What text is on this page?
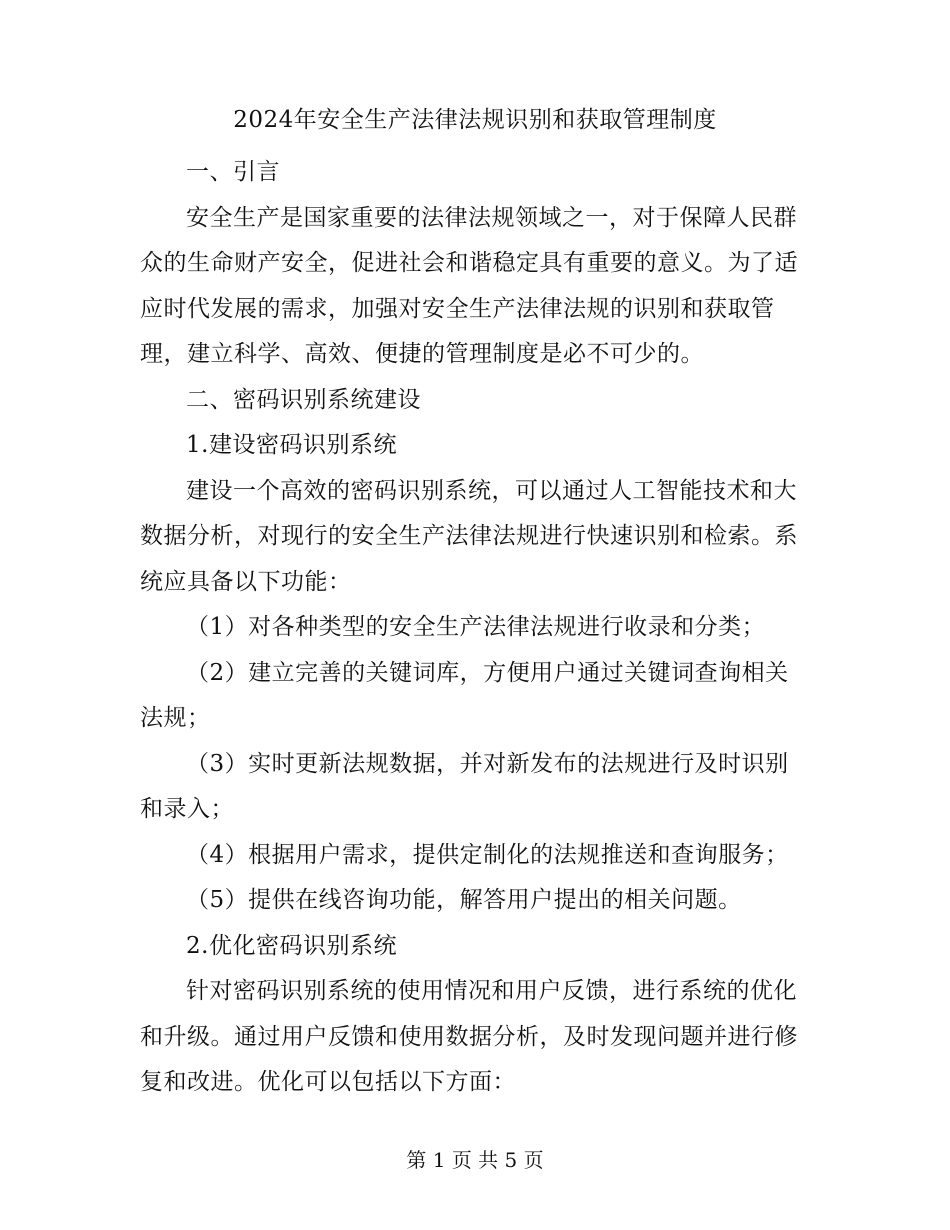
2024年安全生产法律法规识别和获取管理制度

一、引言

安全生产是国家重要的法律法规领域之一，对于保障人民群众的生命财产安全，促进社会和谐稳定具有重要的意义。为了适应时代发展的需求，加强对安全生产法律法规的识别和获取管理，建立科学、高效、便捷的管理制度是必不可少的。

二、密码识别系统建设

1.建设密码识别系统

建设一个高效的密码识别系统，可以通过人工智能技术和大数据分析，对现行的安全生产法律法规进行快速识别和检索。系统应具备以下功能：

（1）对各种类型的安全生产法律法规进行收录和分类；

（2）建立完善的关键词库，方便用户通过关键词查询相关法规；

（3）实时更新法规数据，并对新发布的法规进行及时识别和录入；

（4）根据用户需求，提供定制化的法规推送和查询服务；

（5）提供在线咨询功能，解答用户提出的相关问题。

2.优化密码识别系统

针对密码识别系统的使用情况和用户反馈，进行系统的优化和升级。通过用户反馈和使用数据分析，及时发现问题并进行修复和改进。优化可以包括以下方面：

第 1 页 共 5 页
